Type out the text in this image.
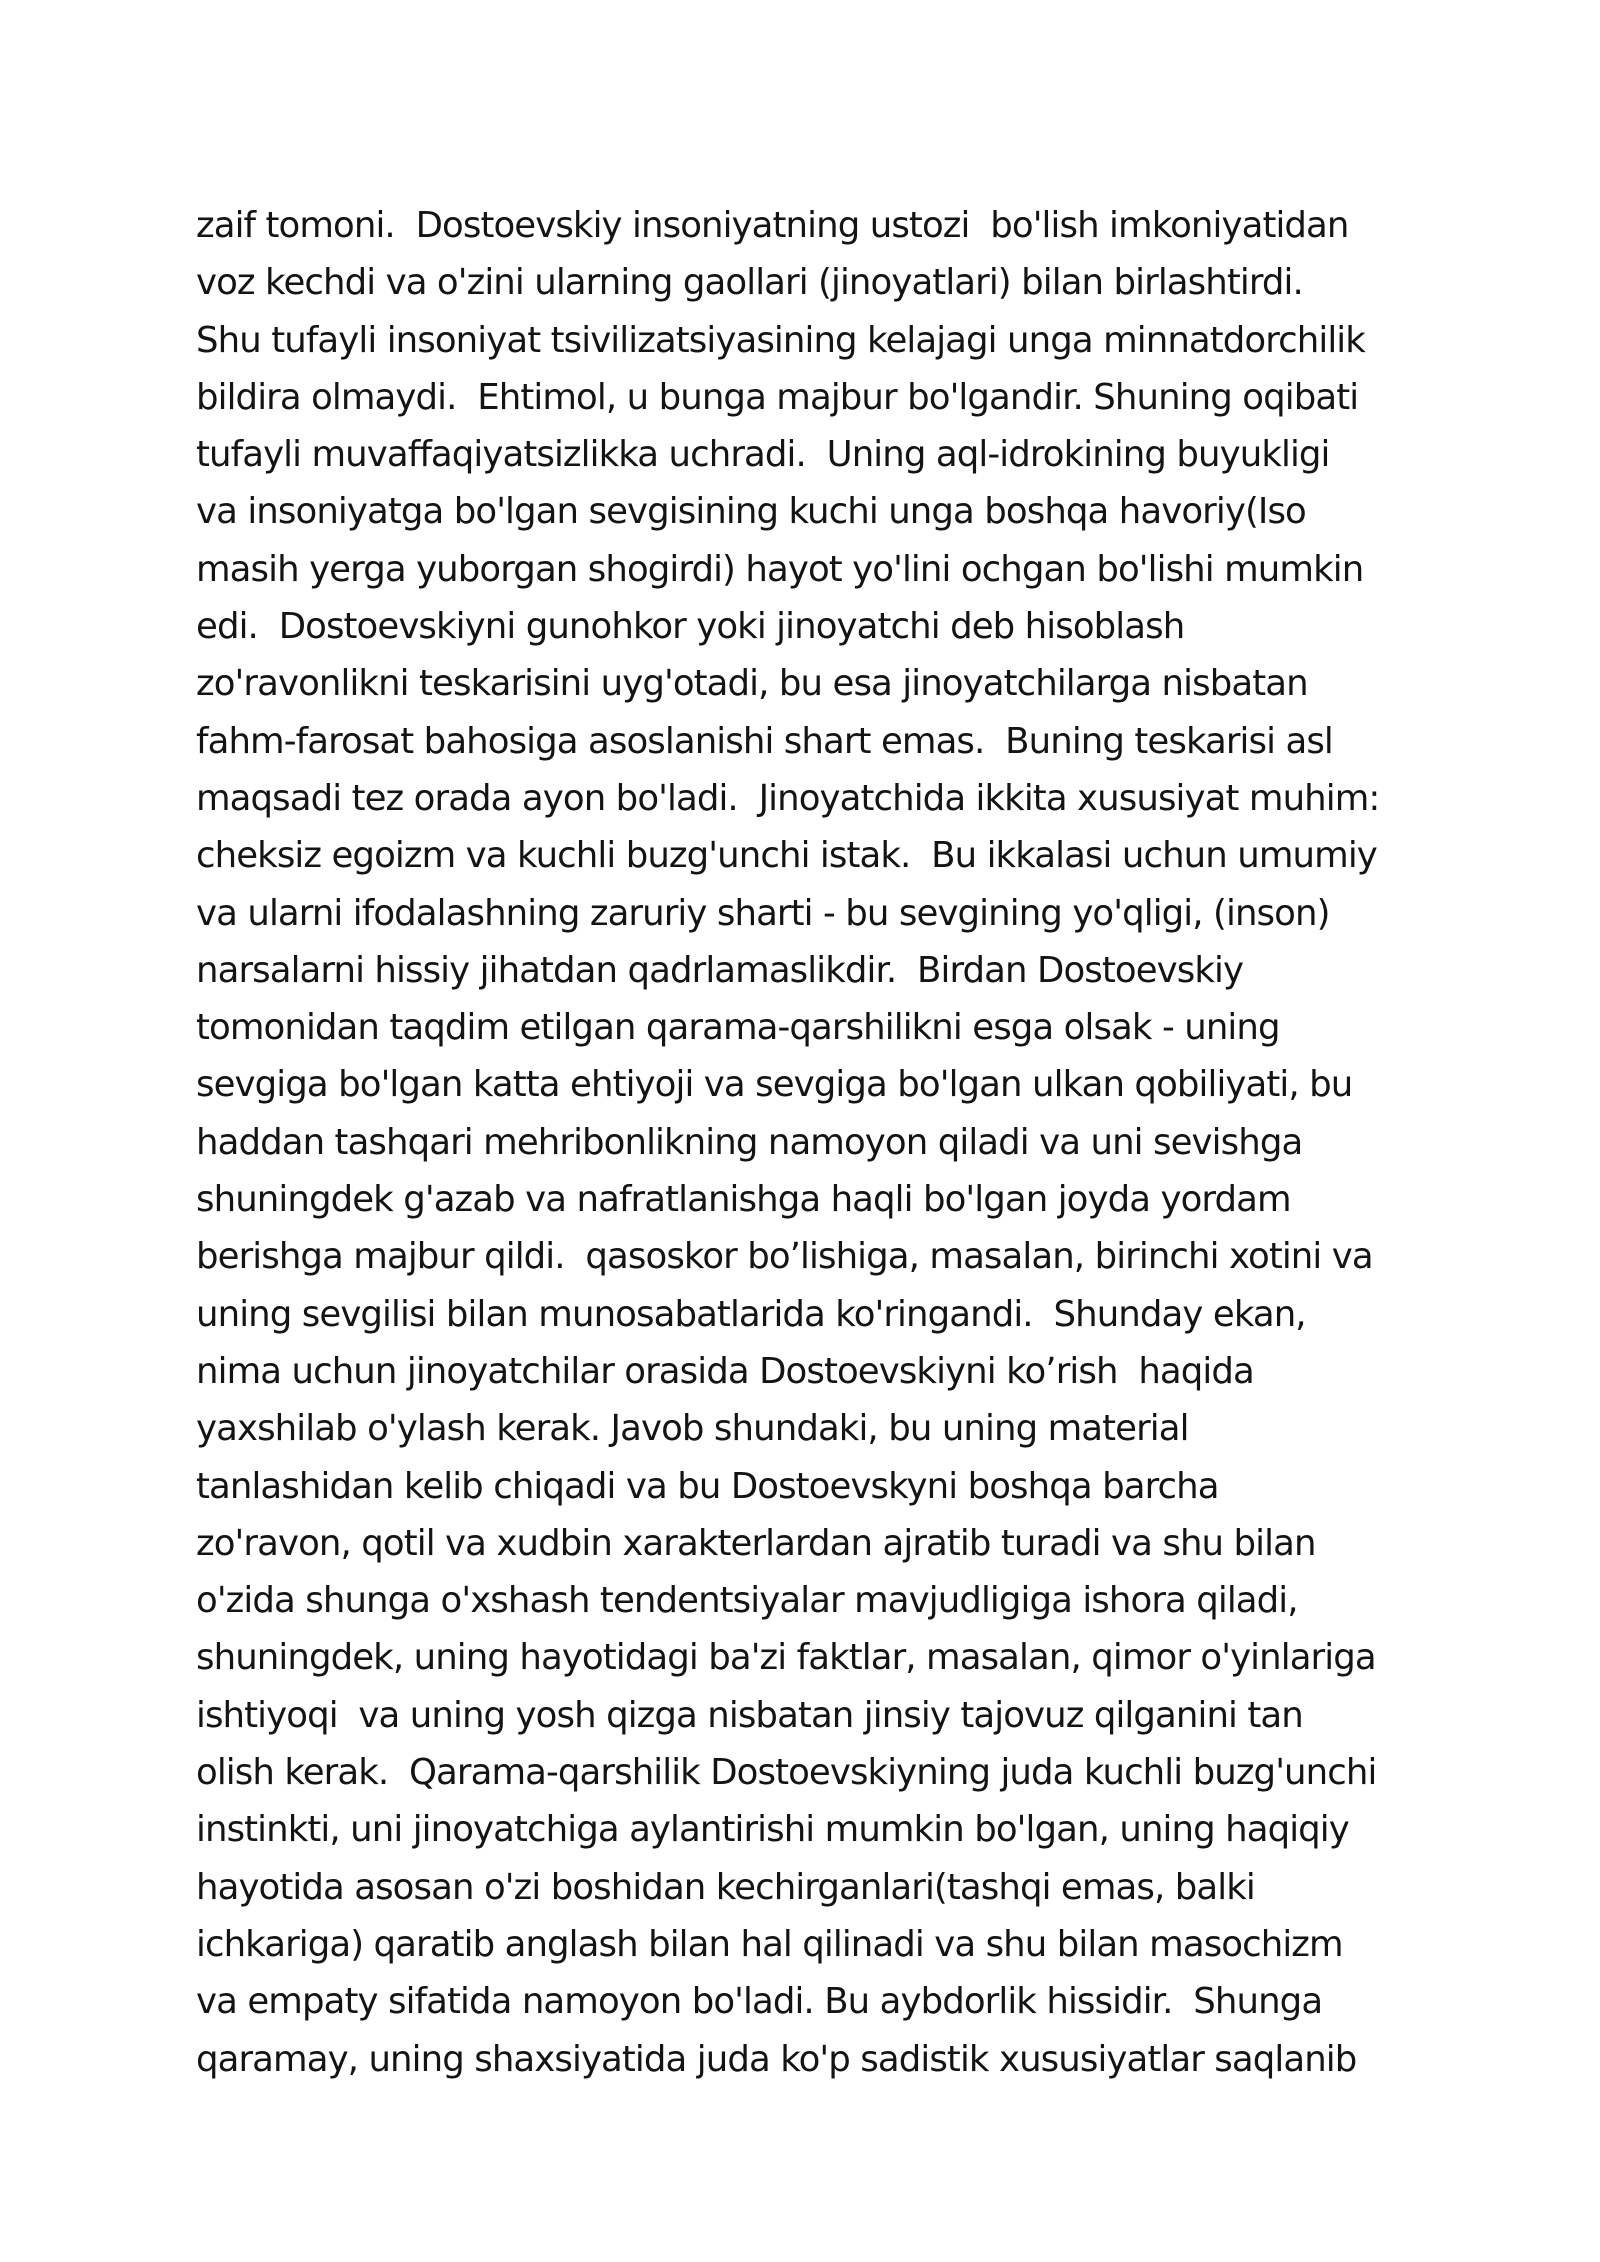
zaif tomoni.  Dostoevskiy insoniyatning ustozi  bo'lish imkoniyatidan
voz kechdi va o'zini ularning gaollari (jinoyatlari) bilan birlashtirdi.
Shu tufayli insoniyat tsivilizatsiyasining kelajagi unga minnatdorchilik
bildira olmaydi.  Ehtimol, u bunga majbur bo'lgandir. Shuning oqibati
tufayli muvaffaqiyatsizlikka uchradi.  Uning aql-idrokining buyukligi
va insoniyatga bo'lgan sevgisining kuchi unga boshqa havoriy(Iso
masih yerga yuborgan shogirdi) hayot yo'lini ochgan bo'lishi mumkin
edi.  Dostoevskiyni gunohkor yoki jinoyatchi deb hisoblash
zo'ravonlikni teskarisini uyg'otadi, bu esa jinoyatchilarga nisbatan
fahm-farosat bahosiga asoslanishi shart emas.  Buning teskarisi asl
maqsadi tez orada ayon bo'ladi.  Jinoyatchida ikkita xususiyat muhim:
cheksiz egoizm va kuchli buzg'unchi istak.  Bu ikkalasi uchun umumiy
va ularni ifodalashning zaruriy sharti - bu sevgining yo'qligi, (inson)
narsalarni hissiy jihatdan qadrlamaslikdir.  Birdan Dostoevskiy
tomonidan taqdim etilgan qarama-qarshilikni esga olsak - uning
sevgiga bo'lgan katta ehtiyoji va sevgiga bo'lgan ulkan qobiliyati, bu
haddan tashqari mehribonlikning namoyon qiladi va uni sevishga
shuningdek g'azab va nafratlanishga haqli bo'lgan joyda yordam
berishga majbur qildi.  qasoskor bo’lishiga, masalan, birinchi xotini va
uning sevgilisi bilan munosabatlarida ko'ringandi.  Shunday ekan,
nima uchun jinoyatchilar orasida Dostoevskiyni ko’rish  haqida
yaxshilab o'ylash kerak. Javob shundaki, bu uning material
tanlashidan kelib chiqadi va bu Dostoevskyni boshqa barcha
zo'ravon, qotil va xudbin xarakterlardan ajratib turadi va shu bilan
o'zida shunga o'xshash tendentsiyalar mavjudligiga ishora qiladi,
shuningdek, uning hayotidagi ba'zi faktlar, masalan, qimor o'yinlariga
ishtiyoqi  va uning yosh qizga nisbatan jinsiy tajovuz qilganini tan
olish kerak.  Qarama-qarshilik Dostoevskiyning juda kuchli buzg'unchi
instinkti, uni jinoyatchiga aylantirishi mumkin bo'lgan, uning haqiqiy
hayotida asosan o'zi boshidan kechirganlari(tashqi emas, balki
ichkariga) qaratib anglash bilan hal qilinadi va shu bilan masochizm
va empaty sifatida namoyon bo'ladi. Bu aybdorlik hissidir.  Shunga
qaramay, uning shaxsiyatida juda ko'p sadistik xususiyatlar saqlanib
